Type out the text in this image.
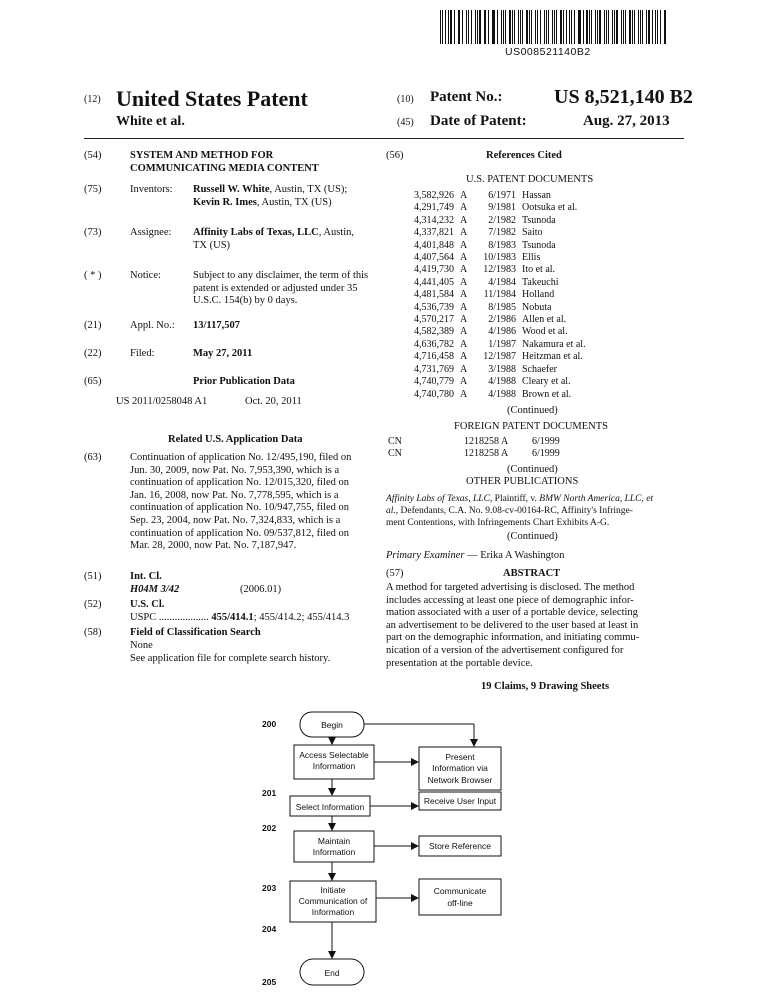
US008521140B2
(12) United States Patent
White et al.
(10) Patent No.:	US 8,521,140 B2
(45) Date of Patent:	Aug. 27, 2013
(54)	SYSTEM AND METHOD FOR
COMMUNICATING MEDIA CONTENT
(75)	Inventors: Russell W. White, Austin, TX (US);
Kevin R. Imes, Austin, TX (US)
(73)	Assignee: Affinity Labs of Texas, LLC, Austin,
TX (US)
( * )	Notice:	Subject to any disclaimer, the term of this
patent is extended or adjusted under 35
U.S.C. 154(b) by 0 days.
(21)	Appl. No.: 13/117,507
(22)	Filed:	May 27, 2011
(65)	Prior Publication Data
US 2011/0258048 A1	Oct. 20, 2011
Related U.S. Application Data
(63)	Continuation of application No. 12/495,190, filed on
Jun. 30, 2009, now Pat. No. 7,953,390, which is a
continuation of application No. 12/015,320, filed on
Jan. 16, 2008, now Pat. No. 7,778,595, which is a
continuation of application No. 10/947,755, filed on
Sep. 23, 2004, now Pat. No. 7,324,833, which is a
continuation of application No. 09/537,812, filed on
Mar. 28, 2000, now Pat. No. 7,187,947.
(51)	Int. Cl.
H04M 3/42	(2006.01)
(52)	U.S. Cl.
USPC ................... 455/414.1; 455/414.2; 455/414.3
(58)	Field of Classification Search
None
See application file for complete search history.
(56)	References Cited
U.S. PATENT DOCUMENTS
3,582,926 A	6/1971 Hassan
4,291,749 A	9/1981 Ootsuka et al.
4,314,232 A	2/1982 Tsunoda
4,337,821 A	7/1982 Saito
4,401,848 A	8/1983 Tsunoda
4,407,564 A	10/1983 Ellis
4,419,730 A	12/1983 Ito et al.
4,441,405 A	4/1984 Takeuchi
4,481,584 A	11/1984 Holland
4,536,739 A	8/1985 Nobuta
4,570,217 A	2/1986 Allen et al.
4,582,389 A	4/1986 Wood et al.
4,636,782 A	1/1987 Nakamura et al.
4,716,458 A	12/1987 Heitzman et al.
4,731,769 A	3/1988 Schaefer
4,740,779 A	4/1988 Cleary et al.
4,740,780 A	4/1988 Brown et al.
(Continued)
FOREIGN PATENT DOCUMENTS
CN	1218258 A	6/1999
CN	1218258 A	6/1999
(Continued)
OTHER PUBLICATIONS
Affinity Labs of Texas, LLC, Plaintiff, v. BMW North America, LLC, et
al., Defendants, C.A. No. 9.08-cv-00164-RC, Affinity's Infringe-
ment Contentions, with Infringements Chart Exhibits A-G.
(Continued)
Primary Examiner — Erika A Washington
(57)	ABSTRACT
A method for targeted advertising is disclosed. The method
includes accessing at least one piece of demographic infor-
mation associated with a user of a portable device, selecting
an advertisement to be delivered to the user based at least in
part on the demographic information, and initiating commu-
nication of a version of the advertisement configured for
presentation at the portable device.
19 Claims, 9 Drawing Sheets
200
201
202
203
204
205
Begin
Access Selectable
Information
Select Information
Maintain
Information
Initiate
Communication of
Information
End
Present
Information via
Network Browser
Receive User Input
Store Reference
Communicate
off-line
